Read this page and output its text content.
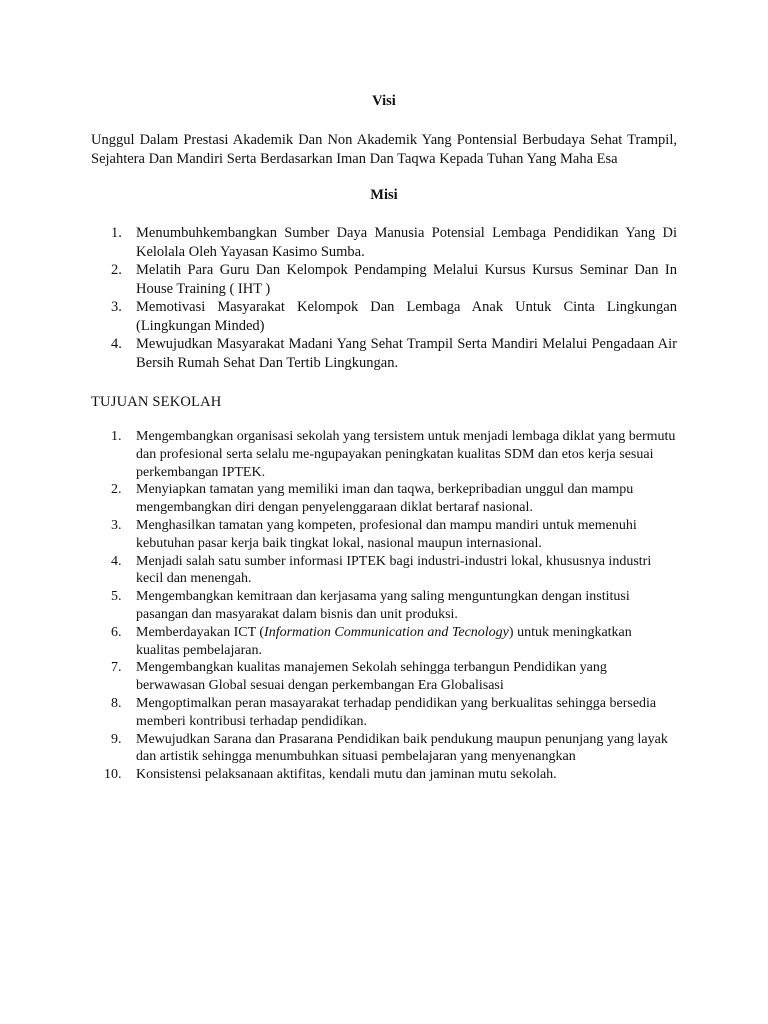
Visi

Unggul Dalam Prestasi Akademik Dan Non Akademik Yang Pontensial Berbudaya Sehat Trampil, Sejahtera Dan Mandiri Serta Berdasarkan Iman Dan Taqwa Kepada Tuhan Yang Maha Esa

Misi
1. Menumbuhkembangkan Sumber Daya Manusia Potensial Lembaga Pendidikan Yang Di Kelolala Oleh Yayasan Kasimo Sumba.
2. Melatih Para Guru Dan Kelompok Pendamping Melalui Kursus Kursus Seminar Dan In House Training ( IHT )
3. Memotivasi Masyarakat Kelompok Dan Lembaga Anak Untuk Cinta Lingkungan (Lingkungan Minded)
4. Mewujudkan Masyarakat Madani Yang Sehat Trampil Serta Mandiri Melalui Pengadaan Air Bersih Rumah Sehat Dan Tertib Lingkungan.
TUJUAN SEKOLAH
1. Mengembangkan organisasi sekolah yang tersistem untuk menjadi lembaga diklat yang bermutu dan profesional serta selalu me-ngupayakan peningkatan kualitas SDM dan etos kerja sesuai perkembangan IPTEK.
2. Menyiapkan tamatan yang memiliki iman dan taqwa, berkepribadian unggul dan mampu mengembangkan diri dengan penyelenggaraan diklat bertaraf nasional.
3. Menghasilkan tamatan yang kompeten, profesional dan mampu mandiri untuk memenuhi kebutuhan pasar kerja baik tingkat lokal, nasional maupun internasional.
4. Menjadi salah satu sumber informasi IPTEK bagi industri-industri lokal, khususnya industri kecil dan menengah.
5. Mengembangkan kemitraan dan kerjasama yang saling menguntungkan dengan institusi pasangan dan masyarakat dalam bisnis dan unit produksi.
6. Memberdayakan ICT (Information Communication and Tecnology) untuk meningkatkan kualitas pembelajaran.
7. Mengembangkan kualitas manajemen Sekolah sehingga terbangun Pendidikan yang berwawasan Global sesuai dengan perkembangan Era Globalisasi
8. Mengoptimalkan peran masayarakat terhadap pendidikan yang berkualitas sehingga bersedia memberi kontribusi terhadap pendidikan.
9. Mewujudkan Sarana dan Prasarana Pendidikan baik pendukung maupun penunjang yang layak dan artistik sehingga menumbuhkan situasi pembelajaran yang menyenangkan
10. Konsistensi pelaksanaan aktifitas, kendali mutu dan jaminan mutu sekolah.
